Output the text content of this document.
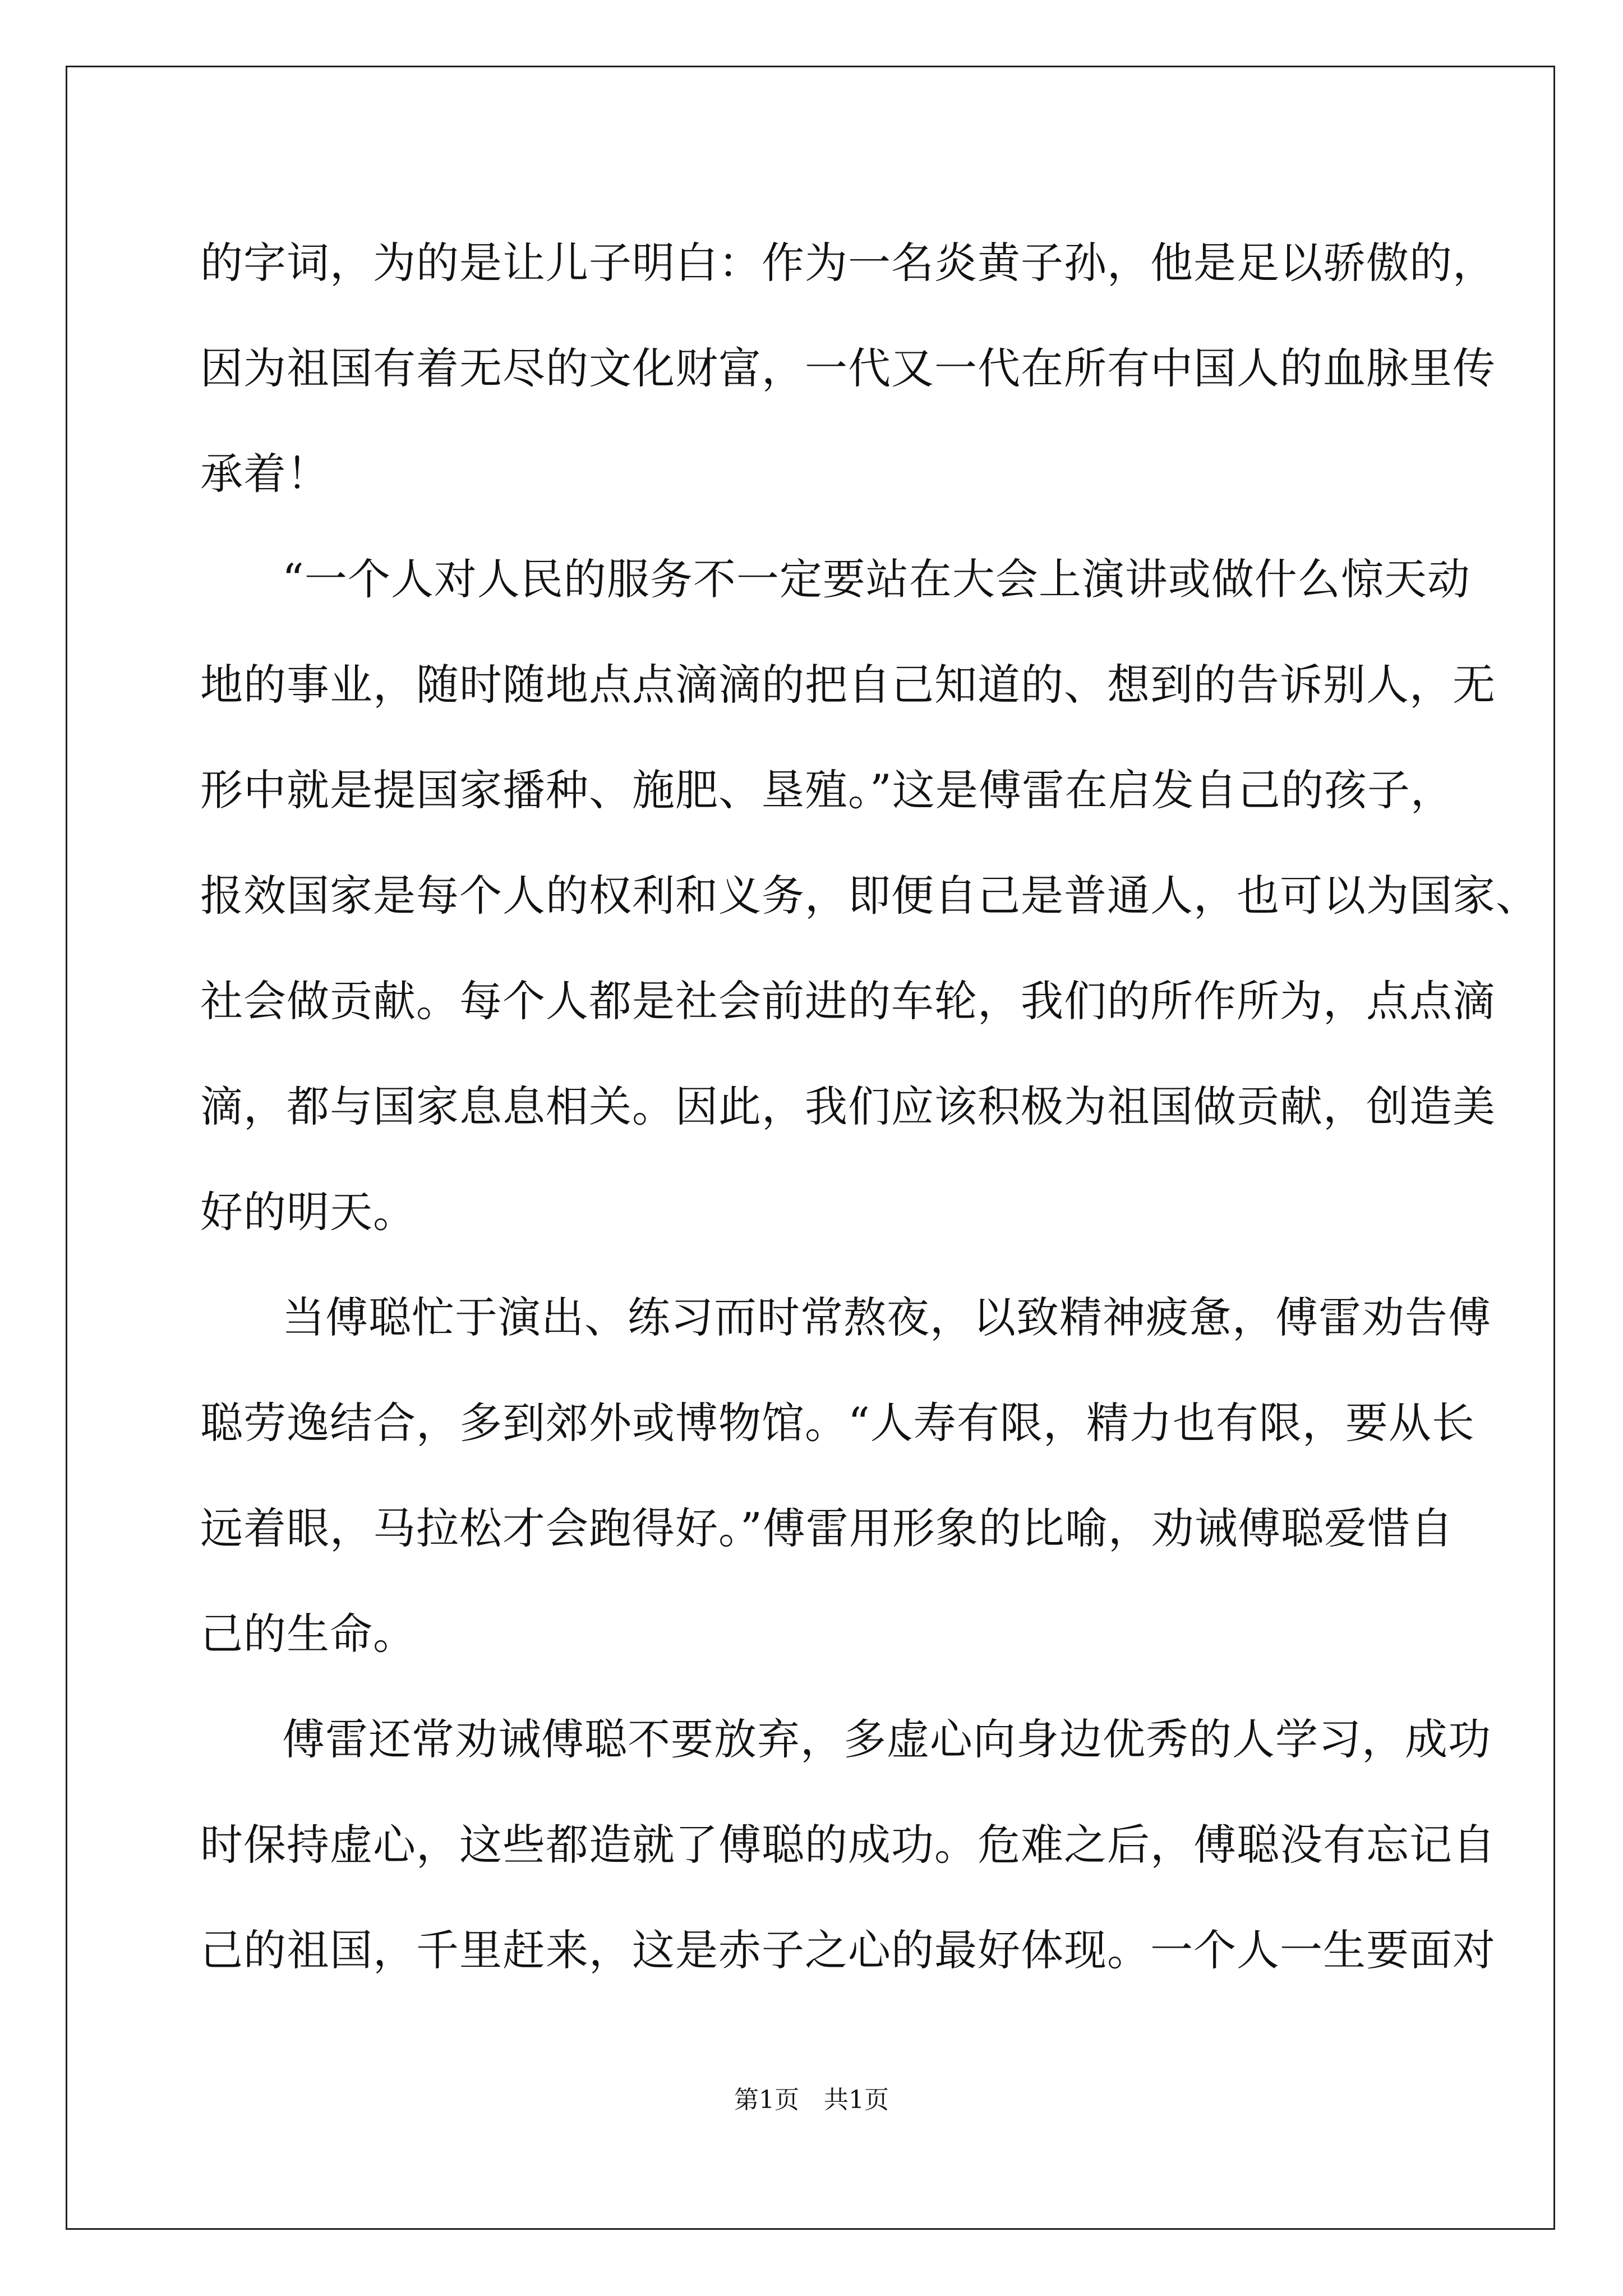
的字词，为的是让儿子明白：作为一名炎黄子孙，他是足以骄傲的，
因为祖国有着无尽的文化财富，一代又一代在所有中国人的血脉里传
承着！
“一个人对人民的服务不一定要站在大会上演讲或做什么惊天动
地的事业，随时随地点点滴滴的把自己知道的、想到的告诉别人，无
形中就是提国家播种、施肥、垦殖。”这是傅雷在启发自己的孩子，
报效国家是每个人的权利和义务，即便自己是普通人，也可以为国家、
社会做贡献。每个人都是社会前进的车轮，我们的所作所为，点点滴
滴，都与国家息息相关。因此，我们应该积极为祖国做贡献，创造美
好的明天。
当傅聪忙于演出、练习而时常熬夜，以致精神疲惫，傅雷劝告傅
聪劳逸结合，多到郊外或博物馆。“人寿有限，精力也有限，要从长
远着眼，马拉松才会跑得好。”傅雷用形象的比喻，劝诫傅聪爱惜自
己的生命。
傅雷还常劝诫傅聪不要放弃，多虚心向身边优秀的人学习，成功
时保持虚心，这些都造就了傅聪的成功。危难之后，傅聪没有忘记自
己的祖国，千里赶来，这是赤子之心的最好体现。一个人一生要面对
第1页　共1页
